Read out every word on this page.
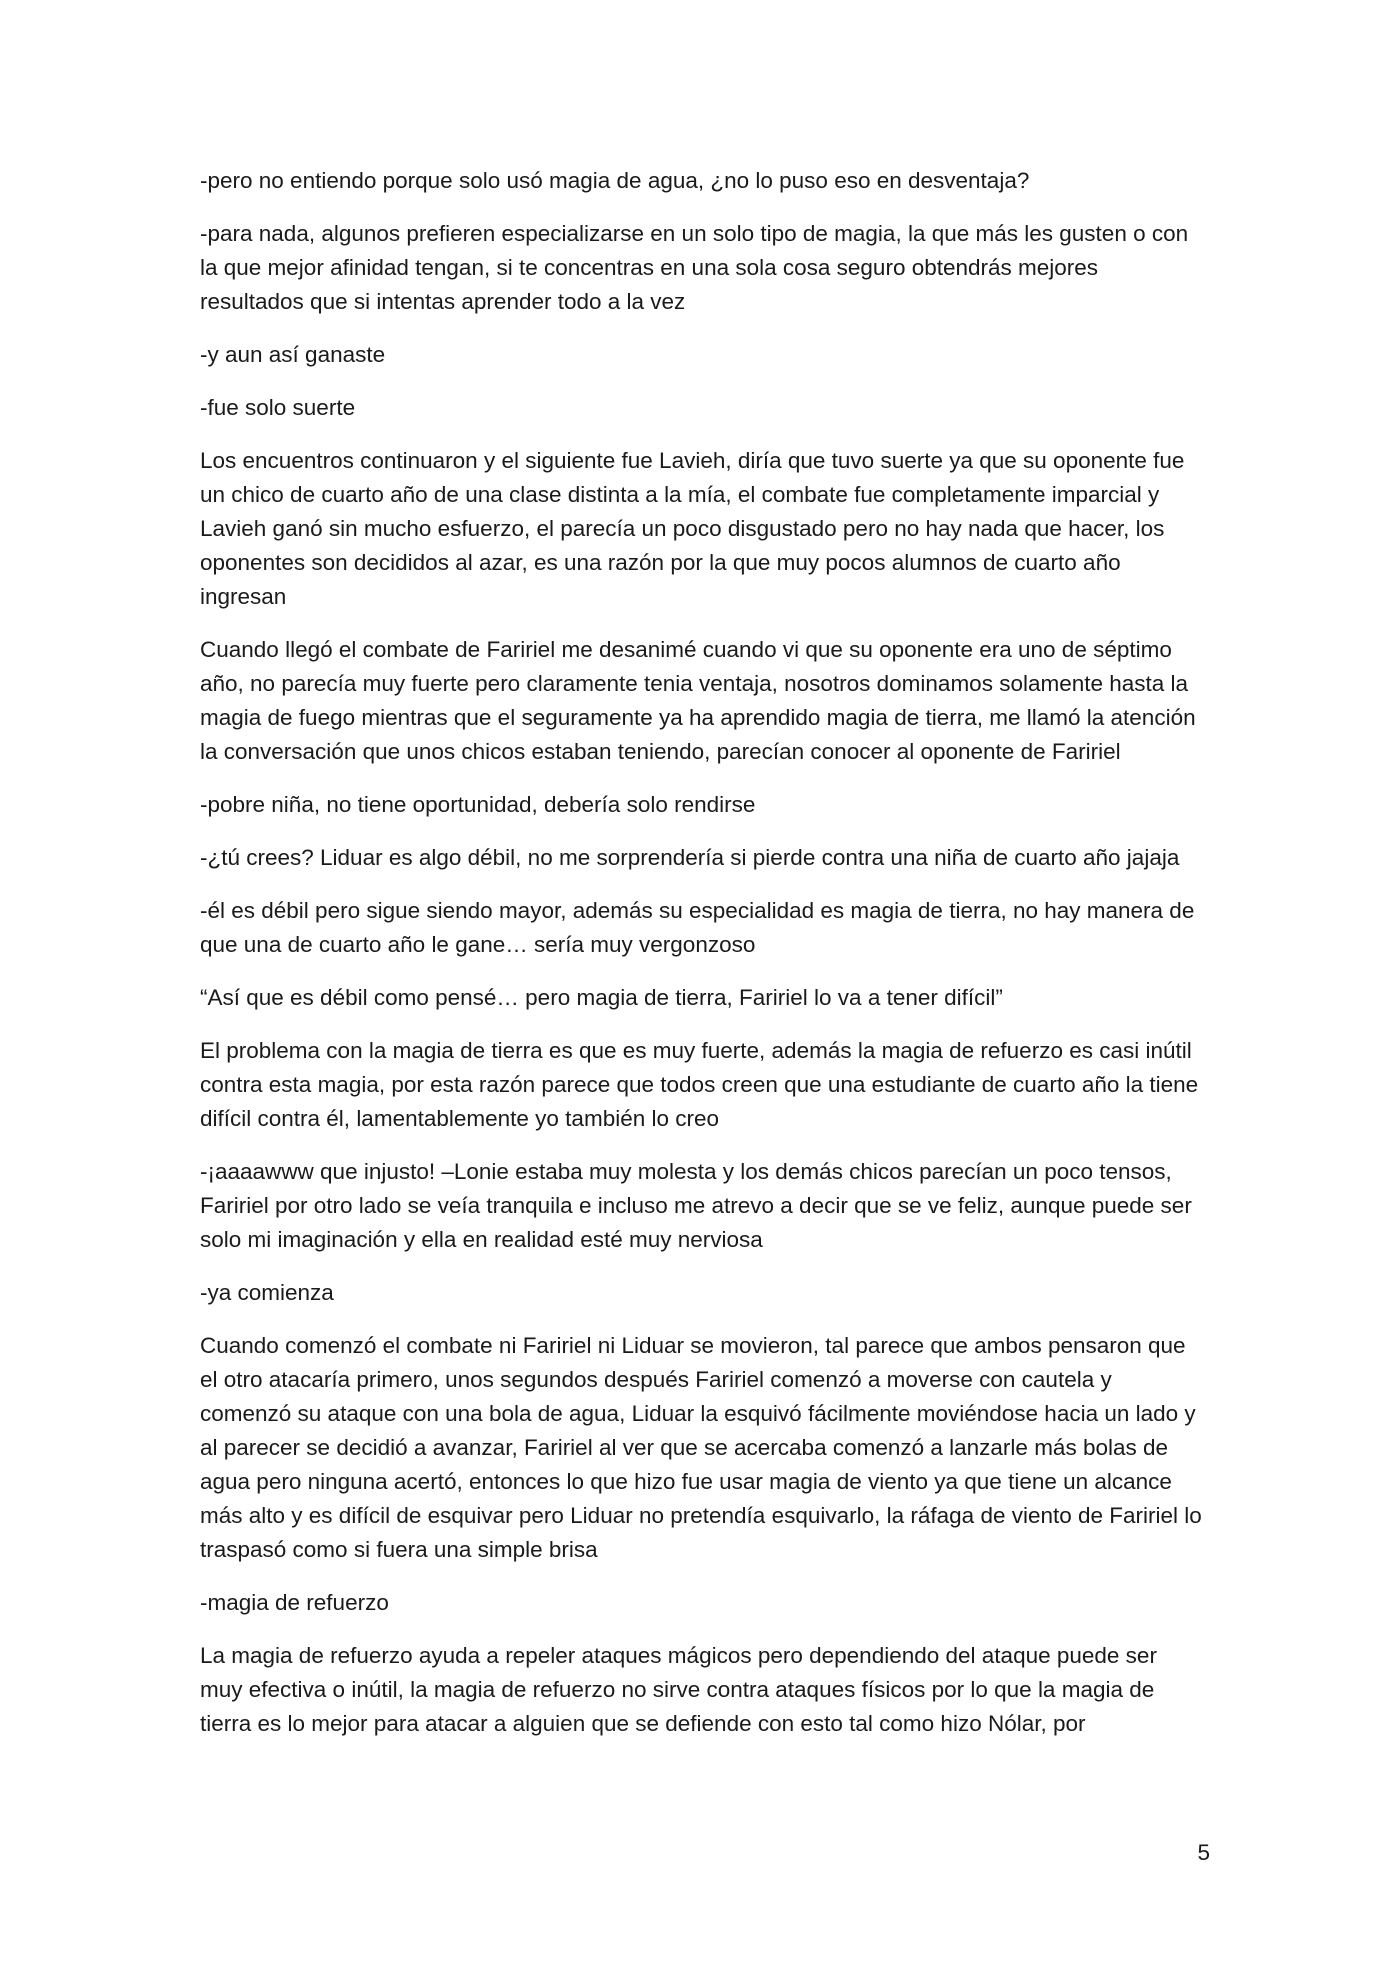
-pero no entiendo porque solo usó magia de agua, ¿no lo puso eso en desventaja?

-para nada, algunos prefieren especializarse en un solo tipo de magia, la que más les gusten o con la que mejor afinidad tengan, si te concentras en una sola cosa seguro obtendrás mejores resultados que si intentas aprender todo a la vez

-y aun así ganaste

-fue solo suerte

Los encuentros continuaron y el siguiente fue Lavieh, diría que tuvo suerte ya que su oponente fue un chico de cuarto año de una clase distinta a la mía, el combate fue completamente imparcial y Lavieh ganó sin mucho esfuerzo, el parecía un poco disgustado pero no hay nada que hacer, los oponentes son decididos al azar, es una razón por la que muy pocos alumnos de cuarto año ingresan

Cuando llegó el combate de Faririel me desanimé cuando vi que su oponente era uno de séptimo año, no parecía muy fuerte pero claramente tenia ventaja, nosotros dominamos solamente hasta la magia de fuego mientras que el seguramente ya ha aprendido magia de tierra, me llamó la atención la conversación que unos chicos estaban teniendo, parecían conocer al oponente de Faririel

-pobre niña, no tiene oportunidad, debería solo rendirse

-¿tú crees? Liduar es algo débil, no me sorprendería si pierde contra una niña de cuarto año jajaja

-él es débil pero sigue siendo mayor, además su especialidad es magia de tierra, no hay manera de que una de cuarto año le gane… sería muy vergonzoso

“Así que es débil como pensé… pero magia de tierra, Faririel lo va a tener difícil”

El problema con la magia de tierra es que es muy fuerte, además la magia de refuerzo es casi inútil contra esta magia, por esta razón parece que todos creen que una estudiante de cuarto año la tiene difícil contra él, lamentablemente yo también lo creo

-¡aaaawww que injusto! –Lonie estaba muy molesta y los demás chicos parecían un poco tensos, Faririel por otro lado se veía tranquila e incluso me atrevo a decir que se ve feliz, aunque puede ser solo mi imaginación y ella en realidad esté muy nerviosa

-ya comienza

Cuando comenzó el combate ni Faririel ni Liduar se movieron, tal parece que ambos pensaron que el otro atacaría primero, unos segundos después Faririel comenzó a moverse con cautela y comenzó su ataque con una bola de agua, Liduar la esquivó fácilmente moviéndose hacia un lado y al parecer se decidió a avanzar, Faririel al ver que se acercaba comenzó a lanzarle más bolas de agua pero ninguna acertó, entonces lo que hizo fue usar magia de viento ya que tiene un alcance más alto y es difícil de esquivar pero Liduar no pretendía esquivarlo, la ráfaga de viento de Faririel lo traspasó como si fuera una simple brisa

-magia de refuerzo

La magia de refuerzo ayuda a repeler ataques mágicos pero dependiendo del ataque puede ser muy efectiva o inútil, la magia de refuerzo no sirve contra ataques físicos por lo que la magia de tierra es lo mejor para atacar a alguien que se defiende con esto tal como hizo Nólar, por

5
